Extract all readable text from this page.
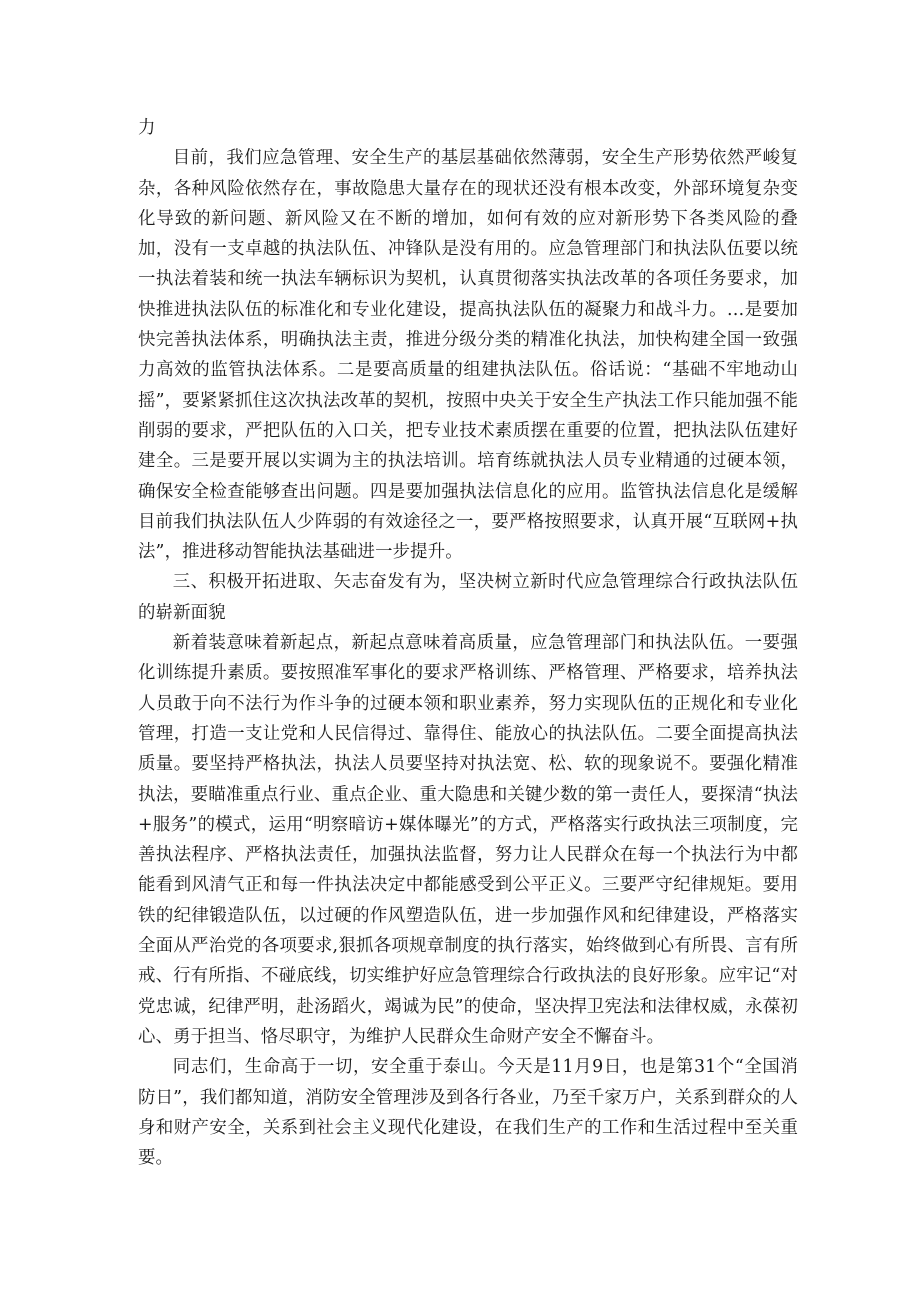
力

目前，我们应急管理、安全生产的基层基础依然薄弱，安全生产形势依然严峻复杂，各种风险依然存在，事故隐患大量存在的现状还没有根本改变，外部环境复杂变化导致的新问题、新风险又在不断的增加，如何有效的应对新形势下各类风险的叠加，没有一支卓越的执法队伍、冲锋队是没有用的。应急管理部门和执法队伍要以统一执法着装和统一执法车辆标识为契机，认真贯彻落实执法改革的各项任务要求，加快推进执法队伍的标准化和专业化建设，提高执法队伍的凝聚力和战斗力。…是要加快完善执法体系，明确执法主责，推进分级分类的精准化执法，加快构建全国一致强力高效的监管执法体系。二是要高质量的组建执法队伍。俗话说：“基础不牢地动山摇”，要紧紧抓住这次执法改革的契机，按照中央关于安全生产执法工作只能加强不能削弱的要求，严把队伍的入口关，把专业技术素质摆在重要的位置，把执法队伍建好建全。三是要开展以实调为主的执法培训。培育练就执法人员专业精通的过硬本领，确保安全检查能够查出问题。四是要加强执法信息化的应用。监管执法信息化是缓解目前我们执法队伍人少阵弱的有效途径之一，要严格按照要求，认真开展“互联网+执法”，推进移动智能执法基础进一步提升。

三、积极开拓进取、矢志奋发有为，坚决树立新时代应急管理综合行政执法队伍的崭新面貌

新着装意味着新起点，新起点意味着高质量，应急管理部门和执法队伍。一要强化训练提升素质。要按照准军事化的要求严格训练、严格管理、严格要求，培养执法人员敢于向不法行为作斗争的过硬本领和职业素养，努力实现队伍的正规化和专业化管理，打造一支让党和人民信得过、靠得住、能放心的执法队伍。二要全面提高执法质量。要坚持严格执法，执法人员要坚持对执法宽、松、软的现象说不。要强化精准执法，要瞄准重点行业、重点企业、重大隐患和关键少数的第一责任人，要探清“执法+服务”的模式，运用“明察暗访+媒体曝光”的方式，严格落实行政执法三项制度，完善执法程序、严格执法责任，加强执法监督，努力让人民群众在每一个执法行为中都能看到风清气正和每一件执法决定中都能感受到公平正义。三要严守纪律规矩。要用铁的纪律锻造队伍，以过硬的作风塑造队伍，进一步加强作风和纪律建设，严格落实全面从严治党的各项要求,狠抓各项规章制度的执行落实，始终做到心有所畏、言有所戒、行有所指、不碰底线，切实维护好应急管理综合行政执法的良好形象。应牢记“对党忠诚，纪律严明，赴汤蹈火，竭诚为民”的使命，坚决捍卫宪法和法律权威，永葆初心、勇于担当、恪尽职守，为维护人民群众生命财产安全不懈奋斗。

同志们，生命高于一切，安全重于泰山。今天是11月9日，也是第31个“全国消防日”，我们都知道，消防安全管理涉及到各行各业，乃至千家万户，关系到群众的人身和财产安全，关系到社会主义现代化建设，在我们生产的工作和生活过程中至关重要。
